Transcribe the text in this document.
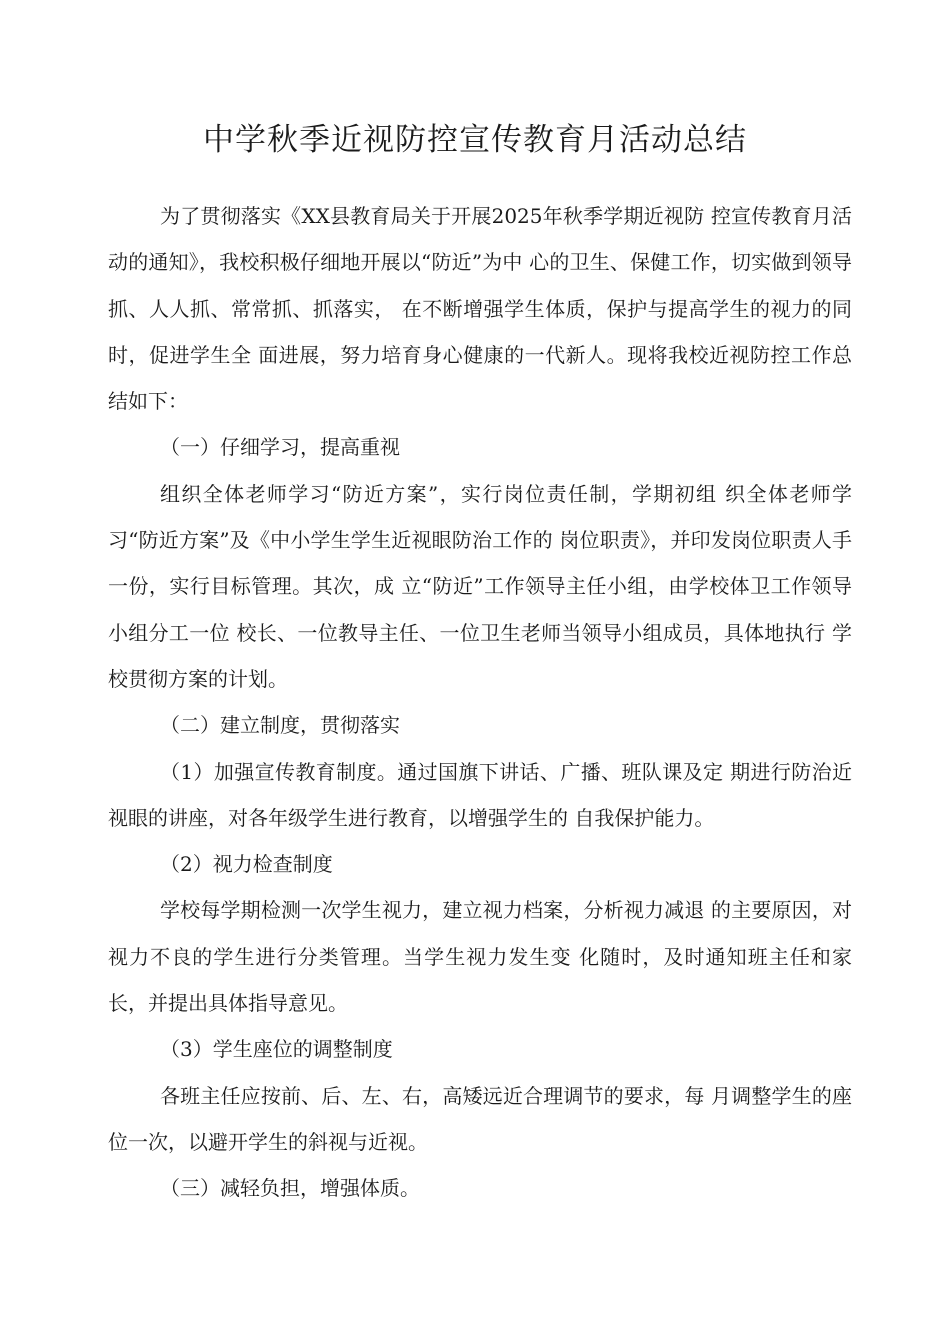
中学秋季近视防控宣传教育月活动总结

为了贯彻落实《XX县教育局关于开展2025年秋季学期近视防 控宣传教育月活动的通知》，我校积极仔细地开展以“防近”为中 心的卫生、保健工作，切实做到领导抓、人人抓、常常抓、抓落实， 在不断增强学生体质，保护与提高学生的视力的同时，促进学生全 面进展，努力培育身心健康的一代新人。现将我校近视防控工作总 结如下：

（一）仔细学习，提高重视

组织全体老师学习“防近方案”，实行岗位责任制，学期初组 织全体老师学习“防近方案”及《中小学生学生近视眼防治工作的 岗位职责》，并印发岗位职责人手一份，实行目标管理。其次，成 立“防近”工作领导主任小组，由学校体卫工作领导小组分工一位 校长、一位教导主任、一位卫生老师当领导小组成员，具体地执行 学校贯彻方案的计划。

（二）建立制度，贯彻落实

（1）加强宣传教育制度。通过国旗下讲话、广播、班队课及定 期进行防治近视眼的讲座，对各年级学生进行教育，以增强学生的 自我保护能力。

（2）视力检查制度

学校每学期检测一次学生视力，建立视力档案，分析视力减退 的主要原因，对视力不良的学生进行分类管理。当学生视力发生变 化随时，及时通知班主任和家长，并提出具体指导意见。

（3）学生座位的调整制度

各班主任应按前、后、左、右，高矮远近合理调节的要求，每 月调整学生的座位一次，以避开学生的斜视与近视。

（三）减轻负担，增强体质。
